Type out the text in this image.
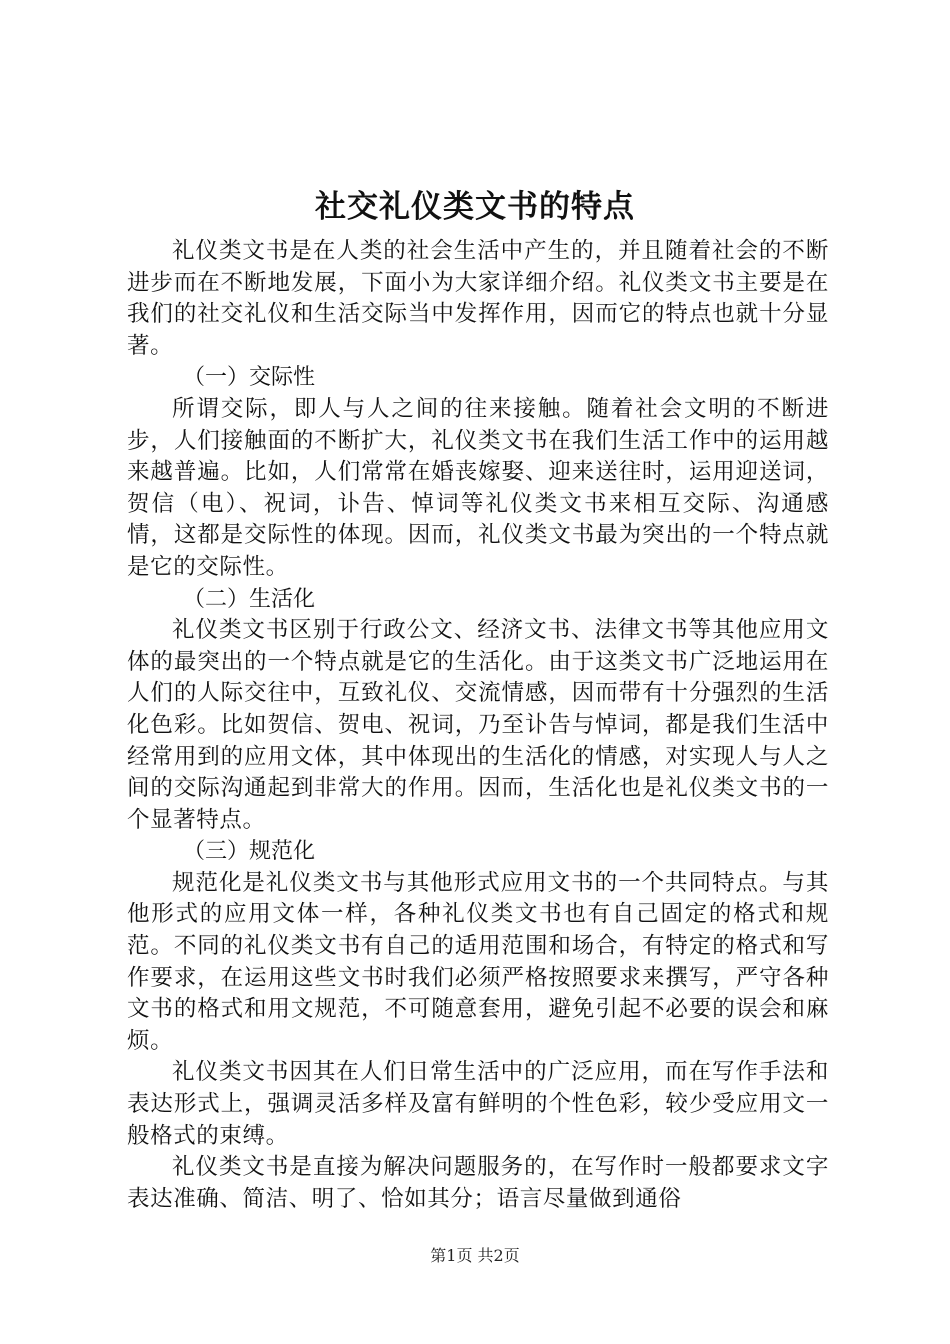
社交礼仪类文书的特点

礼仪类文书是在人类的社会生活中产生的，并且随着社会的不断进步而在不断地发展，下面小为大家详细介绍。礼仪类文书主要是在我们的社交礼仪和生活交际当中发挥作用，因而它的特点也就十分显著。

（一）交际性

所谓交际，即人与人之间的往来接触。随着社会文明的不断进步，人们接触面的不断扩大，礼仪类文书在我们生活工作中的运用越来越普遍。比如，人们常常在婚丧嫁娶、迎来送往时，运用迎送词，贺信（电）、祝词，讣告、悼词等礼仪类文书来相互交际、沟通感情，这都是交际性的体现。因而，礼仪类文书最为突出的一个特点就是它的交际性。

（二）生活化

礼仪类文书区别于行政公文、经济文书、法律文书等其他应用文体的最突出的一个特点就是它的生活化。由于这类文书广泛地运用在人们的人际交往中，互致礼仪、交流情感，因而带有十分强烈的生活化色彩。比如贺信、贺电、祝词，乃至讣告与悼词，都是我们生活中经常用到的应用文体，其中体现出的生活化的情感，对实现人与人之间的交际沟通起到非常大的作用。因而，生活化也是礼仪类文书的一个显著特点。

（三）规范化

规范化是礼仪类文书与其他形式应用文书的一个共同特点。与其他形式的应用文体一样，各种礼仪类文书也有自己固定的格式和规范。不同的礼仪类文书有自己的适用范围和场合，有特定的格式和写作要求，在运用这些文书时我们必须严格按照要求来撰写，严守各种文书的格式和用文规范，不可随意套用，避免引起不必要的误会和麻烦。

礼仪类文书因其在人们日常生活中的广泛应用，而在写作手法和表达形式上，强调灵活多样及富有鲜明的个性色彩，较少受应用文一般格式的束缚。

礼仪类文书是直接为解决问题服务的，在写作时一般都要求文字表达准确、简洁、明了、恰如其分；语言尽量做到通俗

第1页 共2页
